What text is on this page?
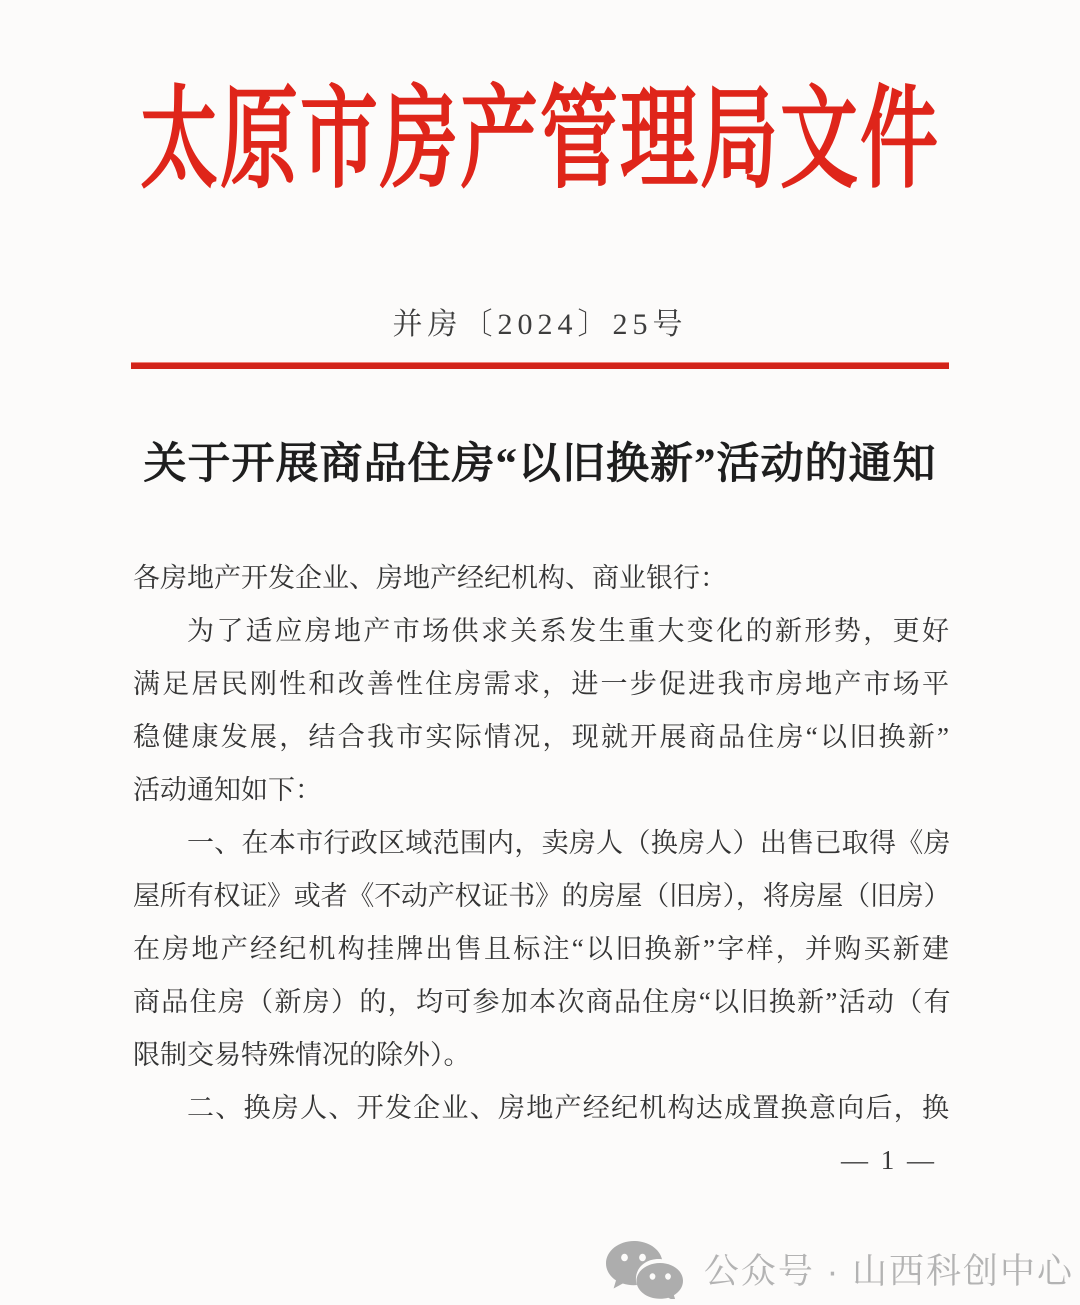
太原市房产管理局文件
并房〔2024〕25号
关于开展商品住房“以旧换新”活动的通知
各房地产开发企业、房地产经纪机构、商业银行：
为了适应房地产市场供求关系发生重大变化的新形势，更好
满足居民刚性和改善性住房需求，进一步促进我市房地产市场平
稳健康发展，结合我市实际情况，现就开展商品住房“以旧换新”
活动通知如下：
一、在本市行政区域范围内，卖房人（换房人）出售已取得《房
屋所有权证》或者《不动产权证书》的房屋（旧房），将房屋（旧房）
在房地产经纪机构挂牌出售且标注“以旧换新”字样，并购买新建
商品住房（新房）的，均可参加本次商品住房“以旧换新”活动（有
限制交易特殊情况的除外）。
二、换房人、开发企业、房地产经纪机构达成置换意向后，换
— 1 —
公众号 · 山西科创中心
